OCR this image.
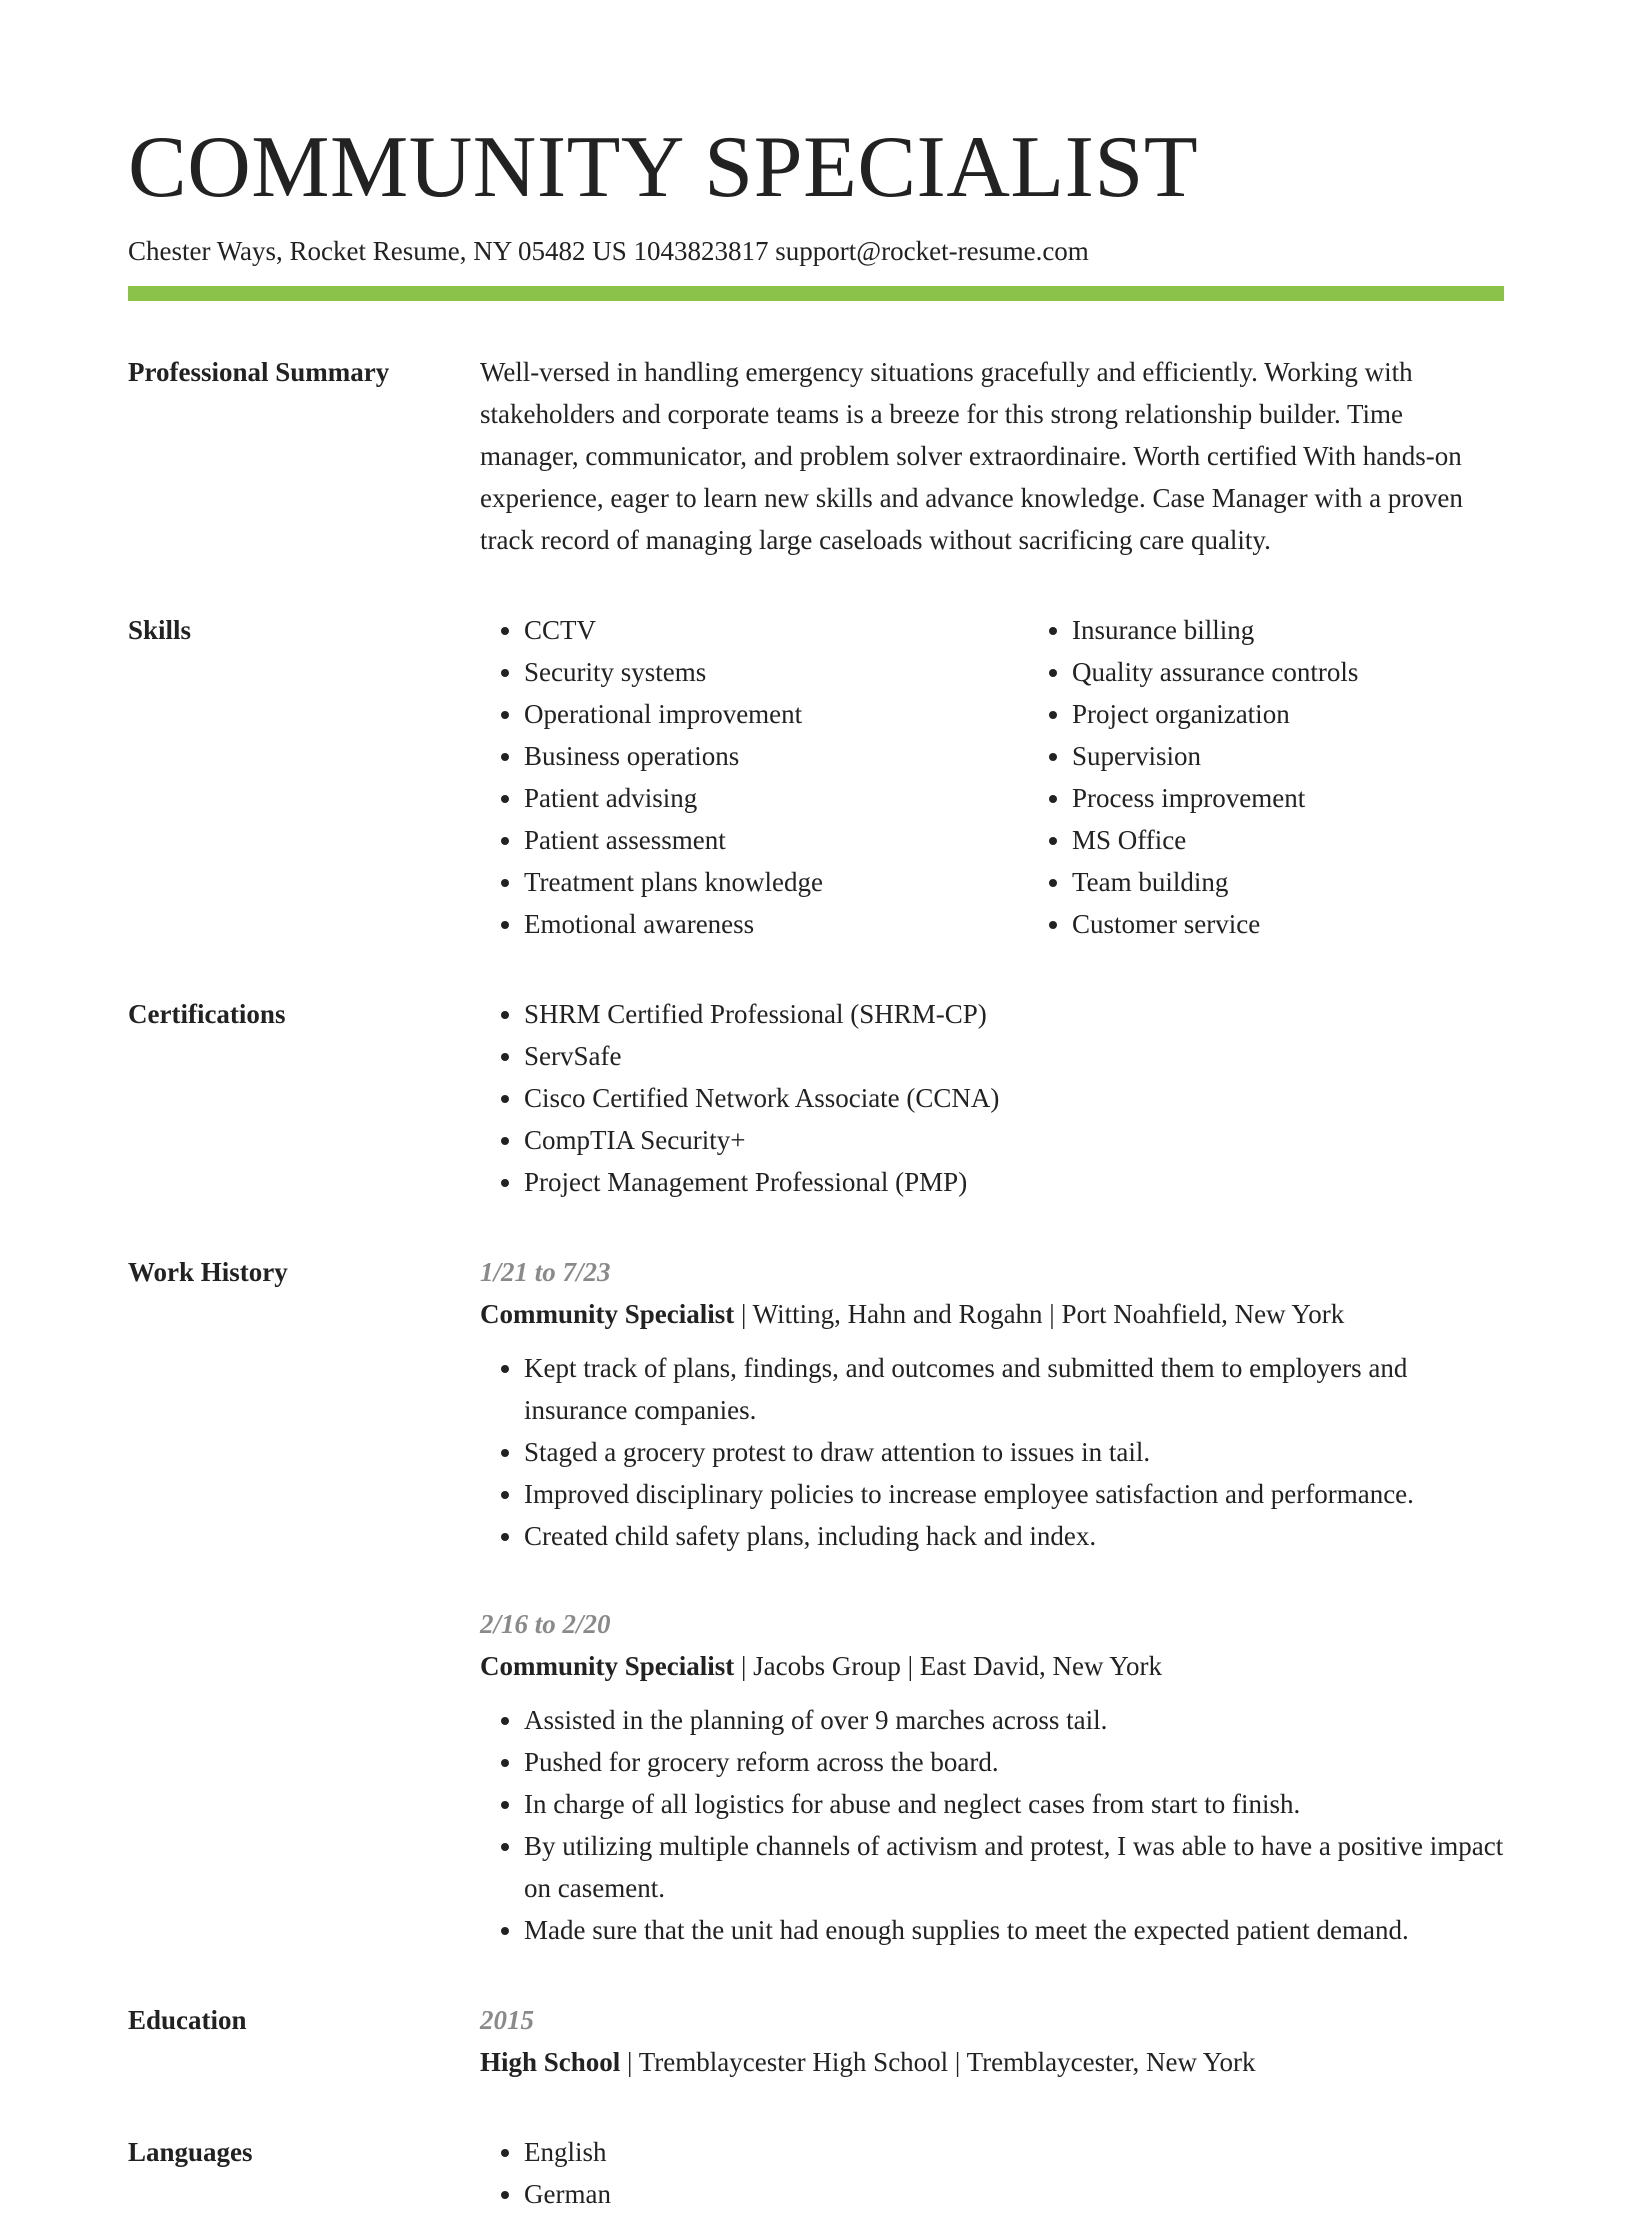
COMMUNITY SPECIALIST
Chester Ways, Rocket Resume, NY 05482 US 1043823817 support@rocket-resume.com
Professional Summary	Well-versed in handling emergency situations gracefully and efficiently. Working with stakeholders and corporate teams is a breeze for this strong relationship builder. Time manager, communicator, and problem solver extraordinaire. Worth certified With hands-on experience, eager to learn new skills and advance knowledge. Case Manager with a proven track record of managing large caseloads without sacrificing care quality.

Skills	• CCTV
• Security systems
• Operational improvement
• Business operations
• Patient advising
• Patient assessment
• Treatment plans knowledge
• Emotional awareness
• Insurance billing
• Quality assurance controls
• Project organization
• Supervision
• Process improvement
• MS Office
• Team building
• Customer service
Certifications	• SHRM Certified Professional (SHRM-CP)
• ServSafe
• Cisco Certified Network Associate (CCNA)
• CompTIA Security+
• Project Management Professional (PMP)
Work History	1/21 to 7/23
Community Specialist | Witting, Hahn and Rogahn | Port Noahfield, New York
• Kept track of plans, findings, and outcomes and submitted them to employers and insurance companies.
• Staged a grocery protest to draw attention to issues in tail.
• Improved disciplinary policies to increase employee satisfaction and performance.
• Created child safety plans, including hack and index.
2/16 to 2/20
Community Specialist | Jacobs Group | East David, New York
• Assisted in the planning of over 9 marches across tail.
• Pushed for grocery reform across the board.
• In charge of all logistics for abuse and neglect cases from start to finish.
• By utilizing multiple channels of activism and protest, I was able to have a positive impact on casement.
• Made sure that the unit had enough supplies to meet the expected patient demand.
Education	2015
High School | Tremblaycester High School | Tremblaycester, New York
Languages	• English
• German
